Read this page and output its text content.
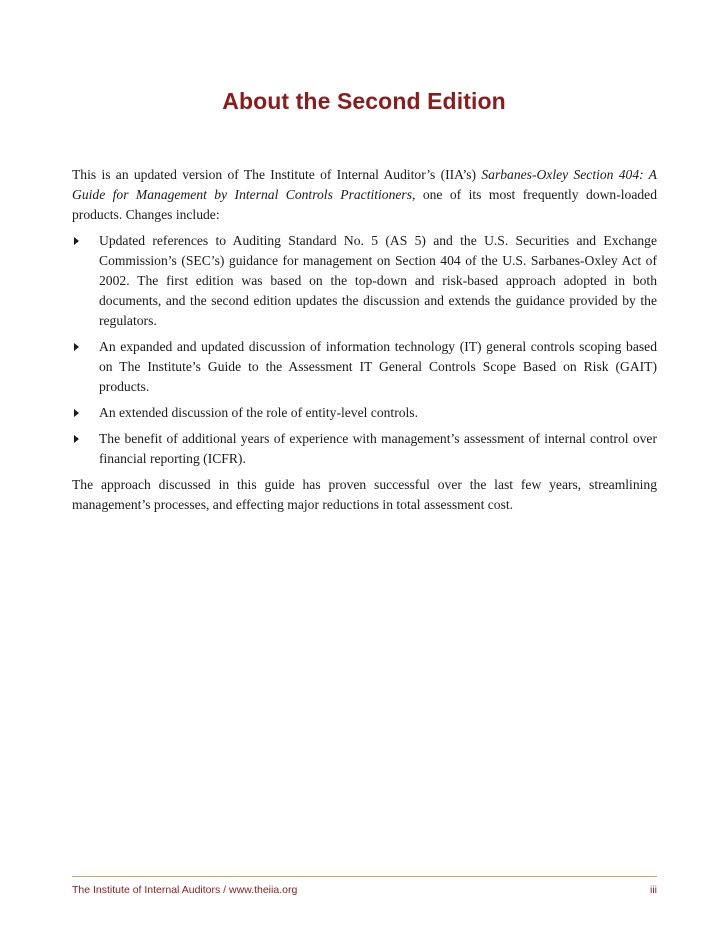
About the Second Edition

This is an updated version of The Institute of Internal Auditor’s (IIA’s) Sarbanes-Oxley Section 404: A Guide for Management by Internal Controls Practitioners, one of its most frequently down-loaded products. Changes include:

Updated references to Auditing Standard No. 5 (AS 5) and the U.S. Securities and Exchange Commission’s (SEC’s) guidance for management on Section 404 of the U.S. Sarbanes-Oxley Act of 2002. The first edition was based on the top-down and risk-based approach adopted in both documents, and the second edition updates the discussion and extends the guidance provided by the regulators.
An expanded and updated discussion of information technology (IT) general controls scoping based on The Institute’s Guide to the Assessment IT General Controls Scope Based on Risk (GAIT) products.
An extended discussion of the role of entity-level controls.
The benefit of additional years of experience with management’s assessment of internal control over financial reporting (ICFR).

The approach discussed in this guide has proven successful over the last few years, streamlining management’s processes, and effecting major reductions in total assessment cost.

The Institute of Internal Auditors / www.theiia.org	iii
